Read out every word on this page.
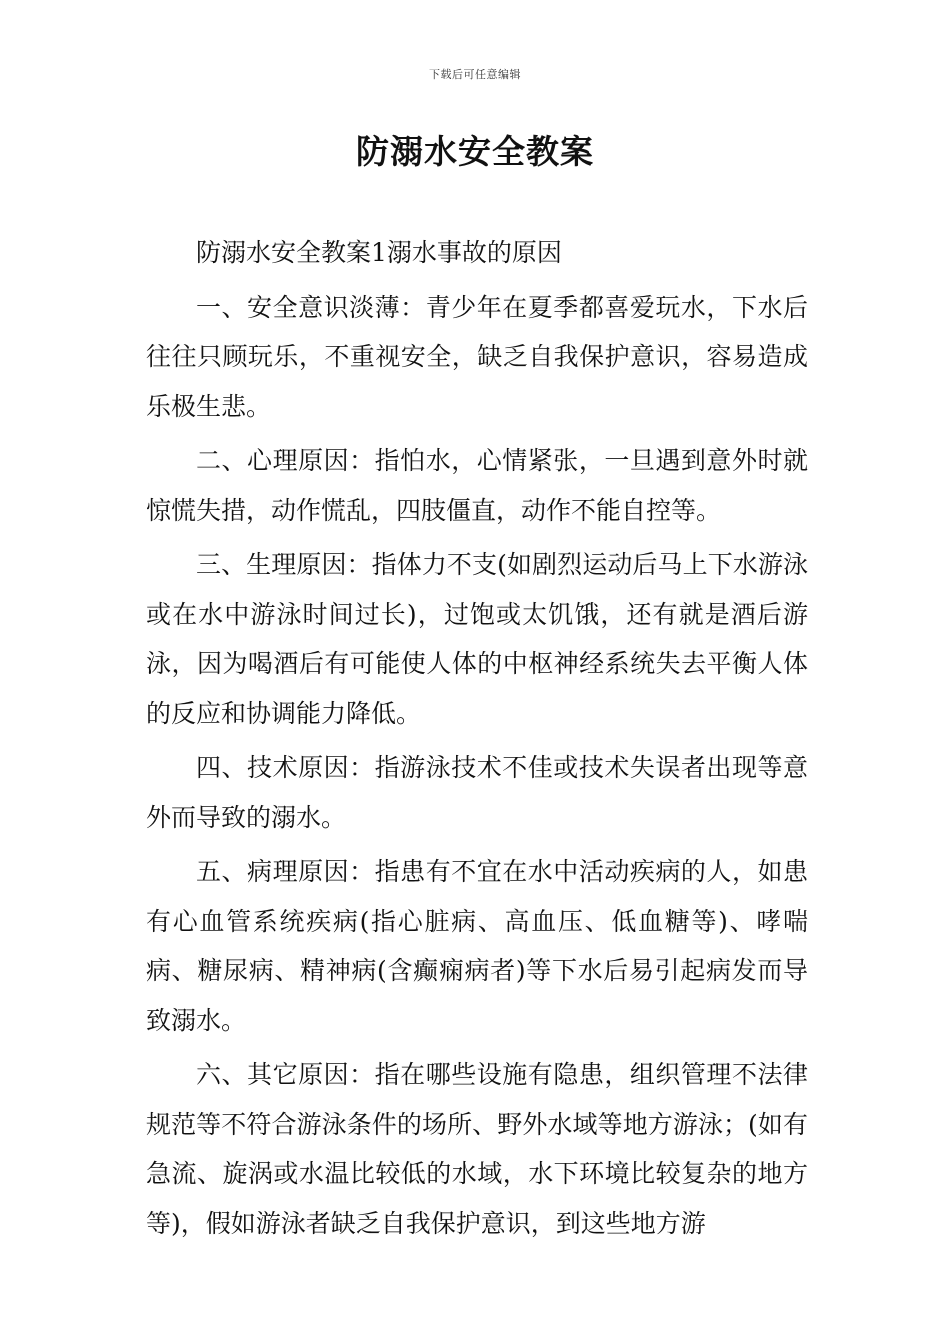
下载后可任意编辑
防溺水安全教案

防溺水安全教案1溺水事故的原因

一、安全意识淡薄：青少年在夏季都喜爱玩水，下水后往往只顾玩乐，不重视安全，缺乏自我保护意识，容易造成乐极生悲。

二、心理原因：指怕水，心情紧张，一旦遇到意外时就惊慌失措，动作慌乱，四肢僵直，动作不能自控等。

三、生理原因：指体力不支(如剧烈运动后马上下水游泳或在水中游泳时间过长)，过饱或太饥饿，还有就是酒后游泳，因为喝酒后有可能使人体的中枢神经系统失去平衡人体的反应和协调能力降低。

四、技术原因：指游泳技术不佳或技术失误者出现等意外而导致的溺水。

五、病理原因：指患有不宜在水中活动疾病的人，如患有心血管系统疾病(指心脏病、高血压、低血糖等)、哮喘病、糖尿病、精神病(含癫痫病者)等下水后易引起病发而导致溺水。

六、其它原因：指在哪些设施有隐患，组织管理不法律规范等不符合游泳条件的场所、野外水域等地方游泳；(如有急流、旋涡或水温比较低的水域，水下环境比较复杂的地方等)，假如游泳者缺乏自我保护意识，到这些地方游
